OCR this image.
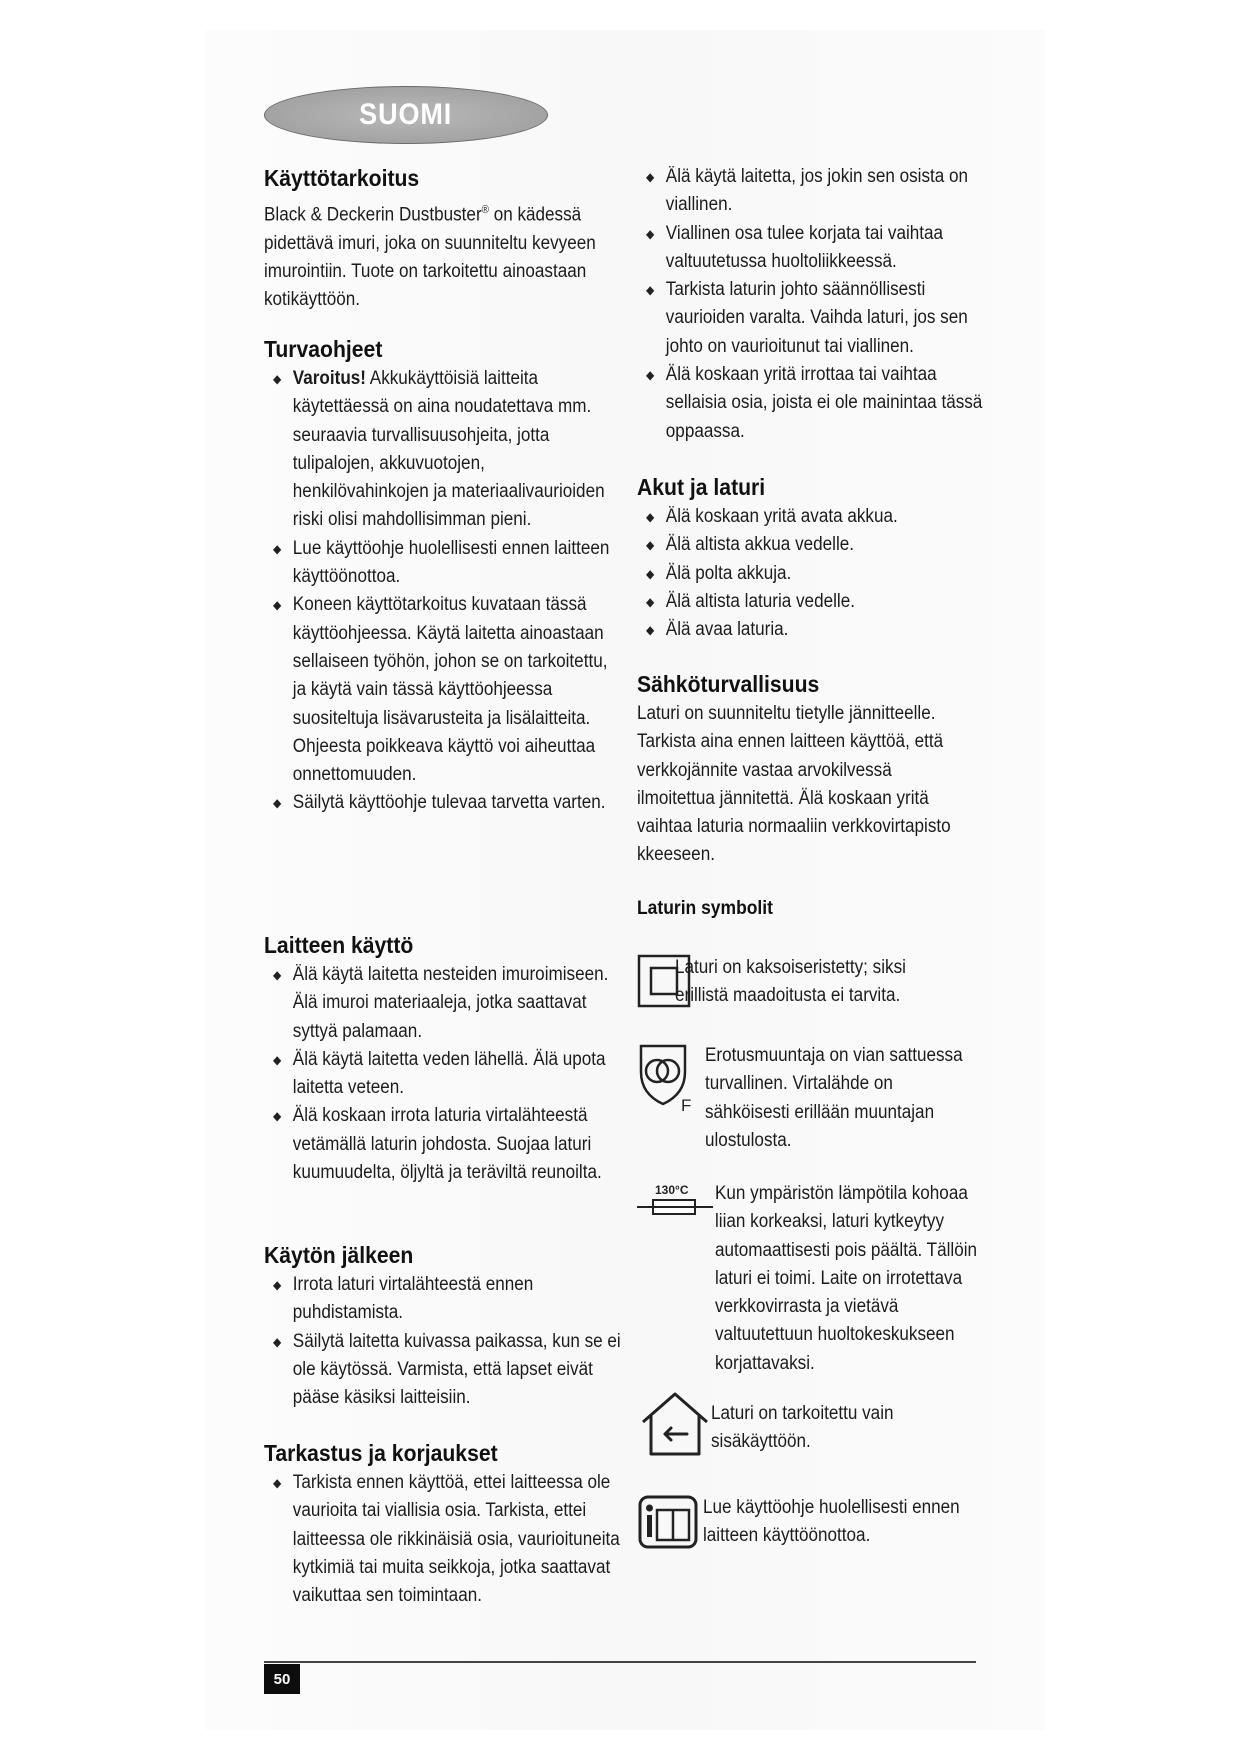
SUOMI
Käyttötarkoitus

Black & Deckerin Dustbuster® on kädessä pidettävä imuri, joka on suunniteltu kevyeen imurointiin. Tuote on tarkoitettu ainoastaan kotikäyttöön.

Turvaohjeet
◆ Varoitus! Akkukäyttöisiä laitteita käytettäessä on aina noudatettava mm. seuraavia turvallisuusohjeita, jotta tulipalojen, akkuvuotojen, henkilövahinkojen ja materiaalivaurioiden riski olisi mahdollisimman pieni.
◆ Lue käyttöohje huolellisesti ennen laitteen käyttöönottoa.
◆ Koneen käyttötarkoitus kuvataan tässä käyttöohjeessa. Käytä laitetta ainoastaan sellaiseen työhön, johon se on tarkoitettu, ja käytä vain tässä käyttöohjeessa suositeltuja lisävarusteita ja lisälaitteita. Ohjeesta poikkeava käyttö voi aiheuttaa onnettomuuden.
◆ Säilytä käyttöohje tulevaa tarvetta varten.
Laitteen käyttö
◆ Älä käytä laitetta nesteiden imuroimiseen. Älä imuroi materiaaleja, jotka saattavat syttyä palamaan.
◆ Älä käytä laitetta veden lähellä. Älä upota laitetta veteen.
◆ Älä koskaan irrota laturia virtalähteestä vetämällä laturin johdosta. Suojaa laturi kuumuudelta, öljyltä ja teräviltä reunoilta.
Käytön jälkeen
◆ Irrota laturi virtalähteestä ennen puhdistamista.
◆ Säilytä laitetta kuivassa paikassa, kun se ei ole käytössä. Varmista, että lapset eivät pääse käsiksi laitteisiin.
Tarkastus ja korjaukset
◆ Tarkista ennen käyttöä, ettei laitteessa ole vaurioita tai viallisia osia. Tarkista, ettei laitteessa ole rikkinäisiä osia, vaurioituneita kytkimiä tai muita seikkoja, jotka saattavat vaikuttaa sen toimintaan.
◆ Älä käytä laitetta, jos jokin sen osista on viallinen.
◆ Viallinen osa tulee korjata tai vaihtaa valtuutetussa huoltoliikkeessä.
◆ Tarkista laturin johto säännöllisesti vaurioiden varalta. Vaihda laturi, jos sen johto on vaurioitunut tai viallinen.
◆ Älä koskaan yritä irrottaa tai vaihtaa sellaisia osia, joista ei ole mainintaa tässä oppaassa.
Akut ja laturi
◆ Älä koskaan yritä avata akkua.
◆ Älä altista akkua vedelle.
◆ Älä polta akkuja.
◆ Älä altista laturia vedelle.
◆ Älä avaa laturia.
Sähköturvallisuus

Laturi on suunniteltu tietylle jännitteelle. Tarkista aina ennen laitteen käyttöä, että verkkojännite vastaa arvokilvessä ilmoitettua jännitettä. Älä koskaan yritä vaihtaa laturia normaaliin verkkovirtapisto kkeeseen.

Laturin symbolit
Laturi on kaksoiseristetty; siksi erillistä maadoitusta ei tarvita.
F
Erotusmuuntaja on vian sattuessa turvallinen. Virtalähde on sähköisesti erillään muuntajan ulostulosta.
130°C Kun ympäristön lämpötila kohoaa liian korkeaksi, laturi kytkeytyy automaattisesti pois päältä. Tällöin laturi ei toimi. Laite on irrotettava verkkovirrasta ja vietävä valtuutettuun huoltokeskukseen korjattavaksi.
Laturi on tarkoitettu vain sisäkäyttöön.
Lue käyttöohje huolellisesti ennen laitteen käyttöönottoa.
50
